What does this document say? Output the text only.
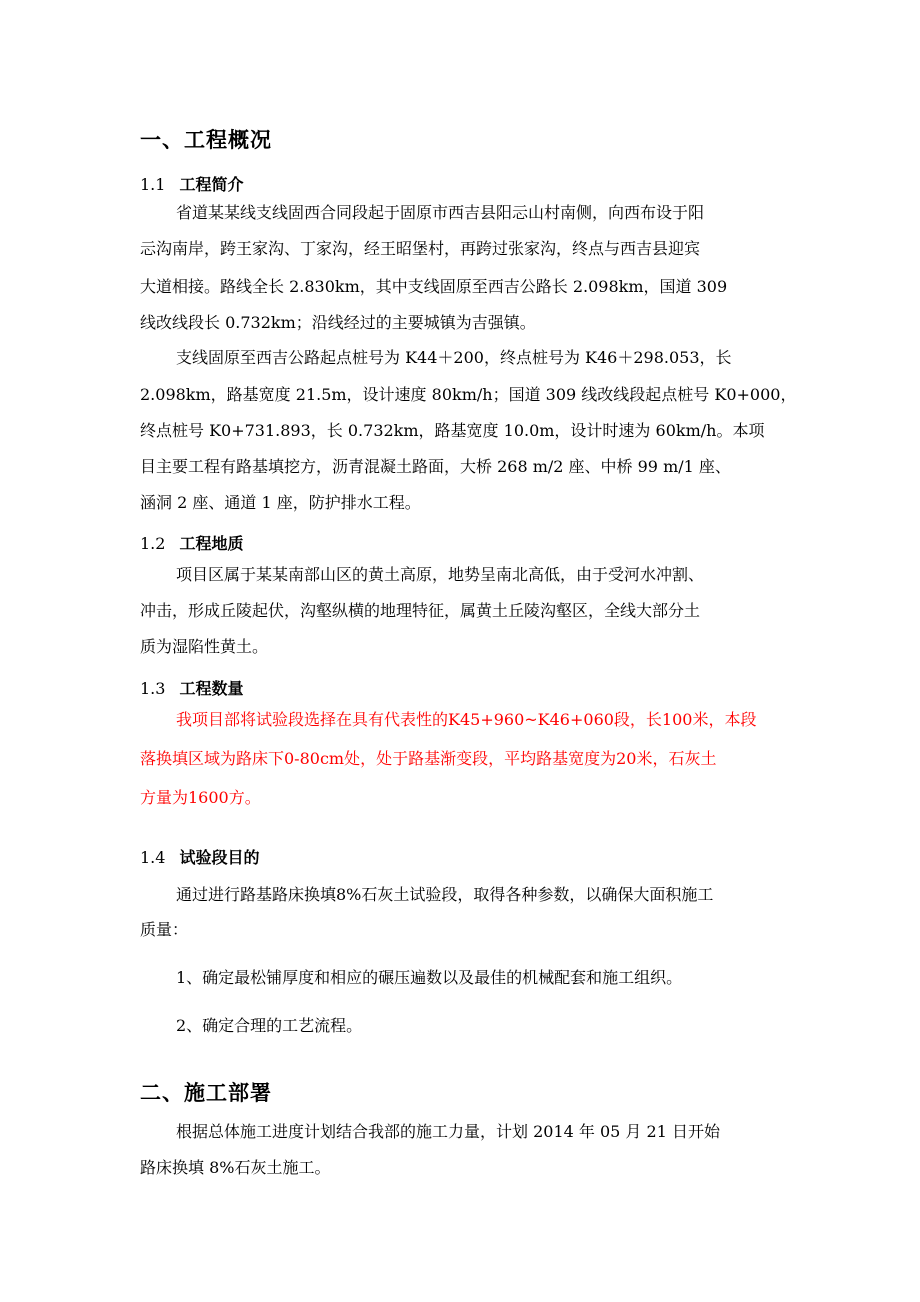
一、工程概况
1.1 工程简介
省道某某线支线固西合同段起于固原市西吉县阳忈山村南侧，向西布设于阳
忈沟南岸，跨王家沟、丁家沟，经王昭堡村，再跨过张家沟，终点与西吉县迎宾
大道相接。路线全长 2.830km，其中支线固原至西吉公路长 2.098km，国道 309
线改线段长 0.732km；沿线经过的主要城镇为吉强镇。
支线固原至西吉公路起点桩号为 K44＋200，终点桩号为 K46＋298.053，长
2.098km，路基宽度 21.5m，设计速度 80km/h；国道 309 线改线段起点桩号 K0+000，
终点桩号 K0+731.893，长 0.732km，路基宽度 10.0m，设计时速为 60km/h。本项
目主要工程有路基填挖方，沥青混凝土路面，大桥 268 m/2 座、中桥 99 m/1 座、
涵洞 2 座、通道 1 座，防护排水工程。
1.2 工程地质
项目区属于某某南部山区的黄土高原，地势呈南北高低，由于受河水冲割、
冲击，形成丘陵起伏，沟壑纵横的地理特征，属黄土丘陵沟壑区，全线大部分土
质为湿陷性黄土。
1.3 工程数量
我项目部将试验段选择在具有代表性的K45+960~K46+060段，长100米，本段
落换填区域为路床下0-80cm处，处于路基渐变段，平均路基宽度为20米，石灰土
方量为1600方。
1.4 试验段目的
通过进行路基路床换填8%石灰土试验段，取得各种参数，以确保大面积施工
质量：
1、确定最松铺厚度和相应的碾压遍数以及最佳的机械配套和施工组织。
2、确定合理的工艺流程。
二、施工部署
根据总体施工进度计划结合我部的施工力量，计划 2014 年 05 月 21 日开始
路床换填 8%石灰土施工。
